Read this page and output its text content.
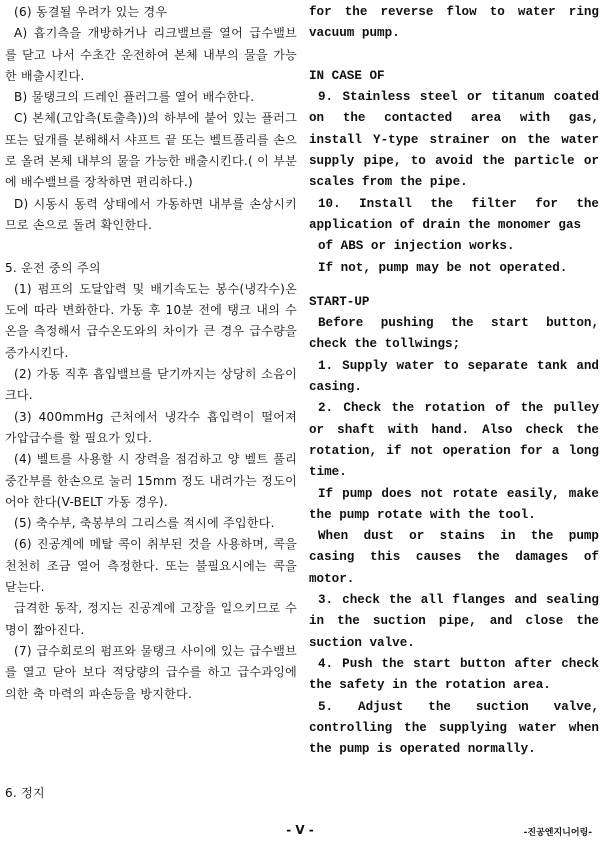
(6) 동결될 우려가 있는 경우

A) 흡기측을 개방하거나 리크밸브를 열어 급수밸브를 닫고 나서 수초간 운전하여 본체 내부의 물을 가능한 배출시킨다.

B) 물탱크의 드레인 플러그를 열어 배수한다.

C) 본체(고압측(토출측))의 하부에 붙어 있는 플러그 또는 덮개를 분해해서 샤프트 끝 또는 벨트풀리를 손으로 올려 본체 내부의 물을 가능한 배출시킨다.( 이 부분에 배수밸브를 장착하면 편리하다.)

D) 시동시 동력 상태에서 가동하면 내부를 손상시키므로 손으로 돌려 확인한다.

5. 운전 중의 주의

(1) 펌프의 도달압력 및 배기속도는 봉수(냉각수)온도에 따라 변화한다. 가동 후 10분 전에 탱크 내의 수온을 측정해서 급수온도와의 차이가 큰 경우 급수량을 증가시킨다.

(2) 가동 직후 흡입밸브를 닫기까지는 상당히 소음이 크다.

(3) 400mmHg 근처에서 냉각수 흡입력이 떨어져 가압급수를 할 필요가 있다.

(4) 벨트를 사용할 시 장력을 점검하고 양 벨트 풀리 중간부를 한손으로 눌러 15mm 정도 내려가는 정도이어야 한다(V-BELT 가동 경우).

(5) 축수부, 축봉부의 그리스를 적시에 주입한다.

(6) 진공계에 메탈 콕이 취부된 것을 사용하며, 콕을 천천히 조금 열어 측정한다. 또는 불필요시에는 콕을 닫는다.

급격한 동작, 정지는 진공계에 고장을 일으키므로 수명이 짧아진다.

(7) 급수회로의 펌프와 물탱크 사이에 있는 급수밸브를 열고 닫아 보다 적당량의 급수를 하고 급수과잉에 의한 축 마력의 파손등을 방지한다.

6. 정지

for the reverse flow to water ring vacuum pump.

IN CASE OF

9. Stainless steel or titanum coated on the contacted area with gas, install Y-type strainer on the water supply pipe, to avoid the particle or scales from the pipe.

10. Install the filter for the application of drain the monomer gas

of ABS or injection works.

If not, pump may be not operated.

START-UP

Before pushing the start button, check the tollwings;

1. Supply water to separate tank and casing.

2. Check the rotation of the pulley or shaft with hand. Also check the rotation, if not operation for a long time.

If pump does not rotate easily, make the pump rotate with the tool.

When dust or stains in the pump casing this causes the damages of motor.

3. check the all flanges and sealing in the suction pipe, and close the suction valve.

4. Push the start button after check the safety in the rotation area.

5. Adjust the suction valve, controlling the supplying water when the pump is operated normally.

- V -	-진공엔지니어링-
